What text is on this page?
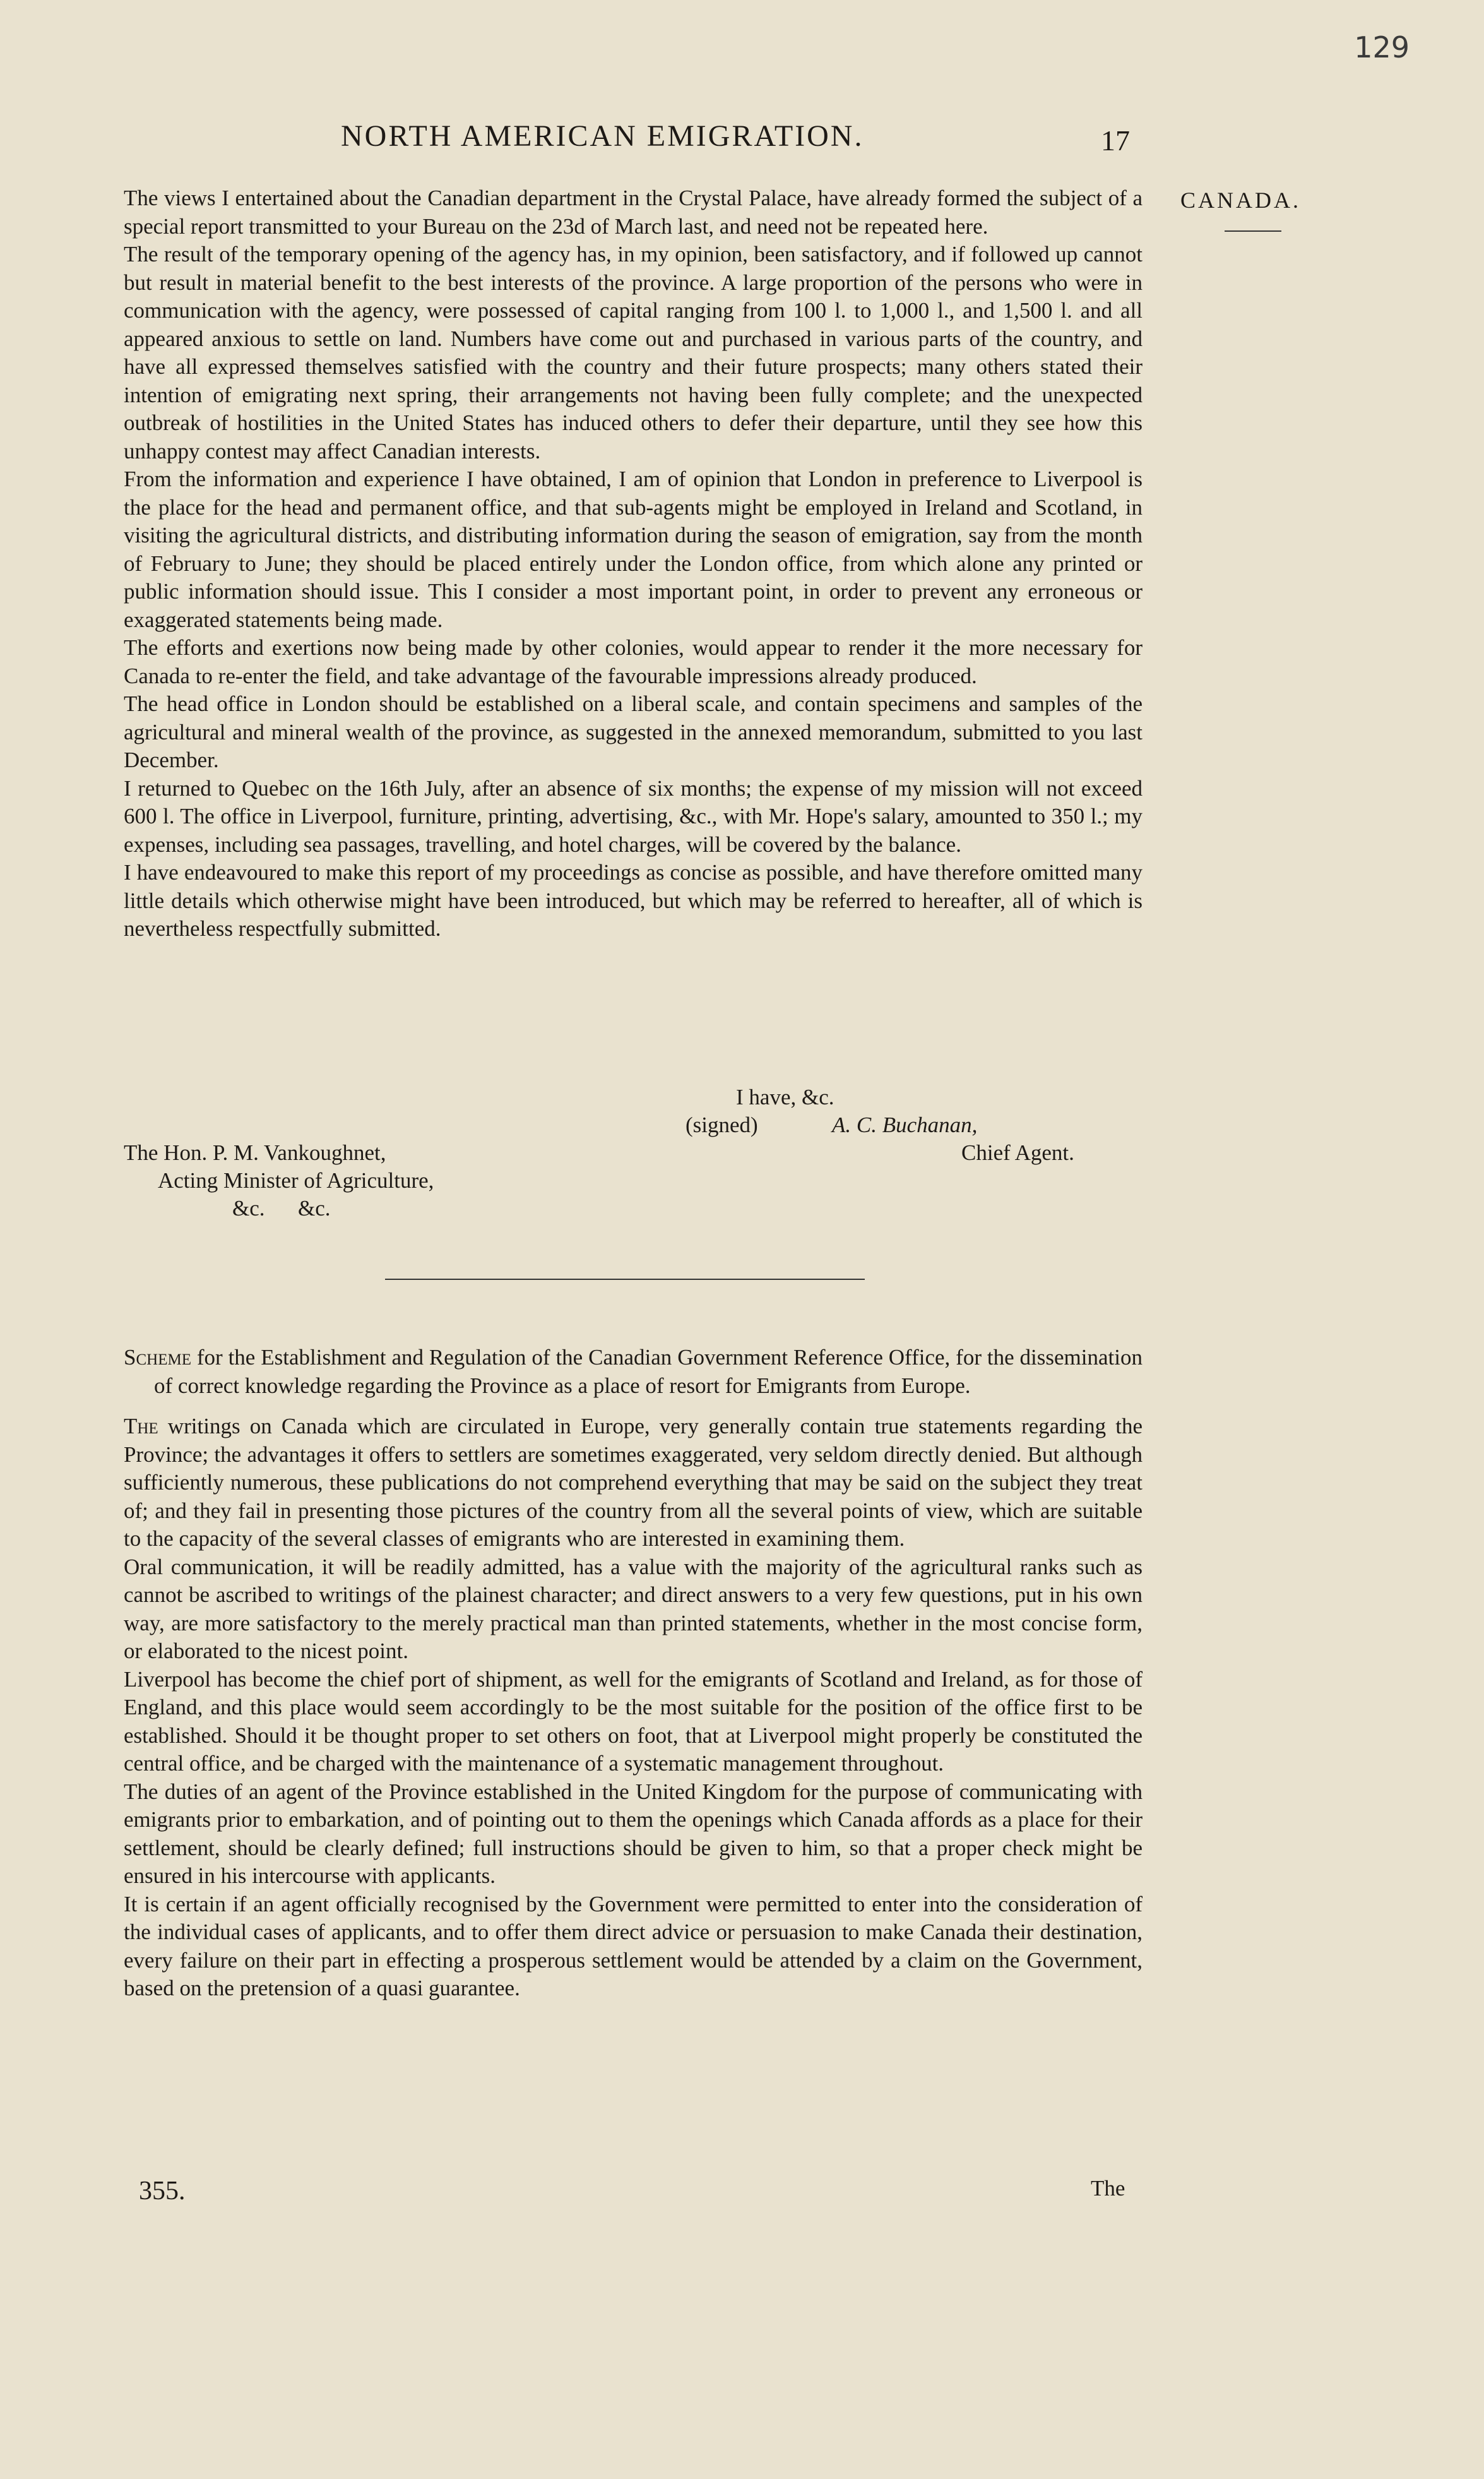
129
NORTH AMERICAN EMIGRATION.	17
CANADA.

The views I entertained about the Canadian department in the Crystal Palace, have already formed the subject of a special report transmitted to your Bureau on the 23d of March last, and need not be repeated here.

The result of the temporary opening of the agency has, in my opinion, been satisfactory, and if followed up cannot but result in material benefit to the best interests of the province. A large proportion of the persons who were in communication with the agency, were possessed of capital ranging from 100 l. to 1,000 l., and 1,500 l. and all appeared anxious to settle on land. Numbers have come out and purchased in various parts of the country, and have all expressed themselves satisfied with the country and their future prospects; many others stated their intention of emigrating next spring, their arrangements not having been fully complete; and the unexpected outbreak of hostilities in the United States has induced others to defer their departure, until they see how this unhappy contest may affect Canadian interests.

From the information and experience I have obtained, I am of opinion that London in preference to Liverpool is the place for the head and permanent office, and that sub-agents might be employed in Ireland and Scotland, in visiting the agricultural districts, and distributing information during the season of emigration, say from the month of February to June; they should be placed entirely under the London office, from which alone any printed or public information should issue. This I consider a most important point, in order to prevent any erroneous or exaggerated statements being made.

The efforts and exertions now being made by other colonies, would appear to render it the more necessary for Canada to re-enter the field, and take advantage of the favourable impressions already produced.

The head office in London should be established on a liberal scale, and contain specimens and samples of the agricultural and mineral wealth of the province, as suggested in the annexed memorandum, submitted to you last December.

I returned to Quebec on the 16th July, after an absence of six months; the expense of my mission will not exceed 600 l. The office in Liverpool, furniture, printing, advertising, &c., with Mr. Hope's salary, amounted to 350 l.; my expenses, including sea passages, travelling, and hotel charges, will be covered by the balance.

I have endeavoured to make this report of my proceedings as concise as possible, and have therefore omitted many little details which otherwise might have been introduced, but which may be referred to hereafter, all of which is nevertheless respectfully submitted.

I have, &c.
(signed)	A. C. Buchanan,
Chief Agent.
The Hon. P. M. Vankoughnet,
Acting Minister of Agriculture,
&c.      &c.

Scheme for the Establishment and Regulation of the Canadian Government Reference Office, for the dissemination of correct knowledge regarding the Province as a place of resort for Emigrants from Europe.

The writings on Canada which are circulated in Europe, very generally contain true statements regarding the Province; the advantages it offers to settlers are sometimes exaggerated, very seldom directly denied. But although sufficiently numerous, these publications do not comprehend everything that may be said on the subject they treat of; and they fail in presenting those pictures of the country from all the several points of view, which are suitable to the capacity of the several classes of emigrants who are interested in examining them.

Oral communication, it will be readily admitted, has a value with the majority of the agricultural ranks such as cannot be ascribed to writings of the plainest character; and direct answers to a very few questions, put in his own way, are more satisfactory to the merely practical man than printed statements, whether in the most concise form, or elaborated to the nicest point.

Liverpool has become the chief port of shipment, as well for the emigrants of Scotland and Ireland, as for those of England, and this place would seem accordingly to be the most suitable for the position of the office first to be established. Should it be thought proper to set others on foot, that at Liverpool might properly be constituted the central office, and be charged with the maintenance of a systematic management throughout.

The duties of an agent of the Province established in the United Kingdom for the purpose of communicating with emigrants prior to embarkation, and of pointing out to them the openings which Canada affords as a place for their settlement, should be clearly defined; full instructions should be given to him, so that a proper check might be ensured in his intercourse with applicants.

It is certain if an agent officially recognised by the Government were permitted to enter into the consideration of the individual cases of applicants, and to offer them direct advice or persuasion to make Canada their destination, every failure on their part in effecting a prosperous settlement would be attended by a claim on the Government, based on the pretension of a quasi guarantee.

355.	The
